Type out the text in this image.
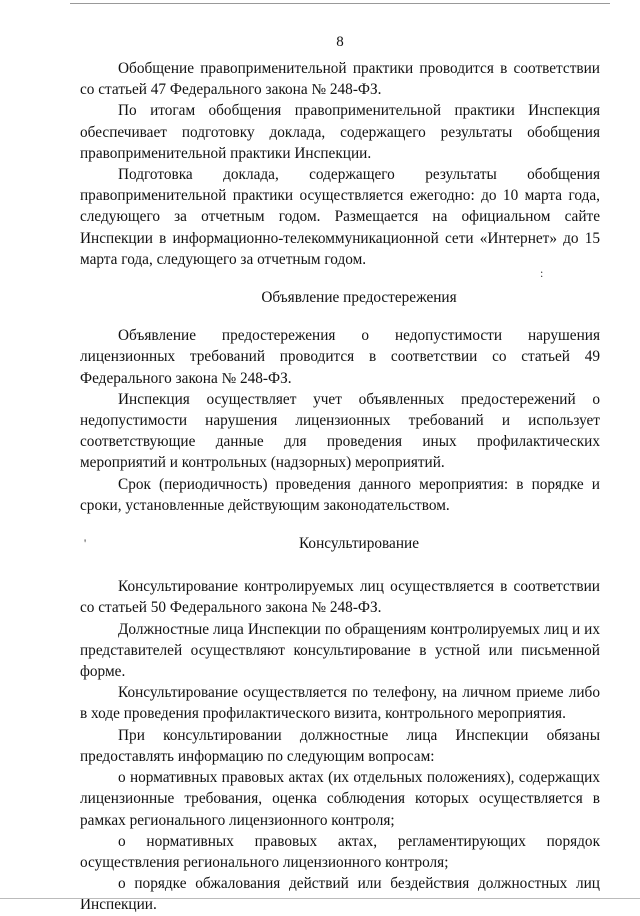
8

Обобщение правоприменительной практики проводится в соответствии со статьей 47 Федерального закона № 248-ФЗ.

По итогам обобщения правоприменительной практики Инспекция обеспечивает подготовку доклада, содержащего результаты обобщения правоприменительной практики Инспекции.

Подготовка доклада, содержащего результаты обобщения правоприменительной практики осуществляется ежегодно: до 10 марта года, следующего за отчетным годом. Размещается на официальном сайте Инспекции в информационно-телекоммуникационной сети «Интернет» до 15 марта года, следующего за отчетным годом.

Объявление предостережения

Объявление предостережения о недопустимости нарушения лицензионных требований проводится в соответствии со статьей 49 Федерального закона № 248-ФЗ.

Инспекция осуществляет учет объявленных предостережений о недопустимости нарушения лицензионных требований и использует соответствующие данные для проведения иных профилактических мероприятий и контрольных (надзорных) мероприятий.

Срок (периодичность) проведения данного мероприятия: в порядке и сроки, установленные действующим законодательством.

Консультирование

Консультирование контролируемых лиц осуществляется в соответствии со статьей 50 Федерального закона № 248-ФЗ.

Должностные лица Инспекции по обращениям контролируемых лиц и их представителей осуществляют консультирование в устной или письменной форме.

Консультирование осуществляется по телефону, на личном приеме либо в ходе проведения профилактического визита, контрольного мероприятия.

При консультировании должностные лица Инспекции обязаны предоставлять информацию по следующим вопросам:

о нормативных правовых актах (их отдельных положениях), содержащих лицензионные требования, оценка соблюдения которых осуществляется в рамках регионального лицензионного контроля;

о нормативных правовых актах, регламентирующих порядок осуществления регионального лицензионного контроля;

о порядке обжалования действий или бездействия должностных лиц Инспекции.

:
'
